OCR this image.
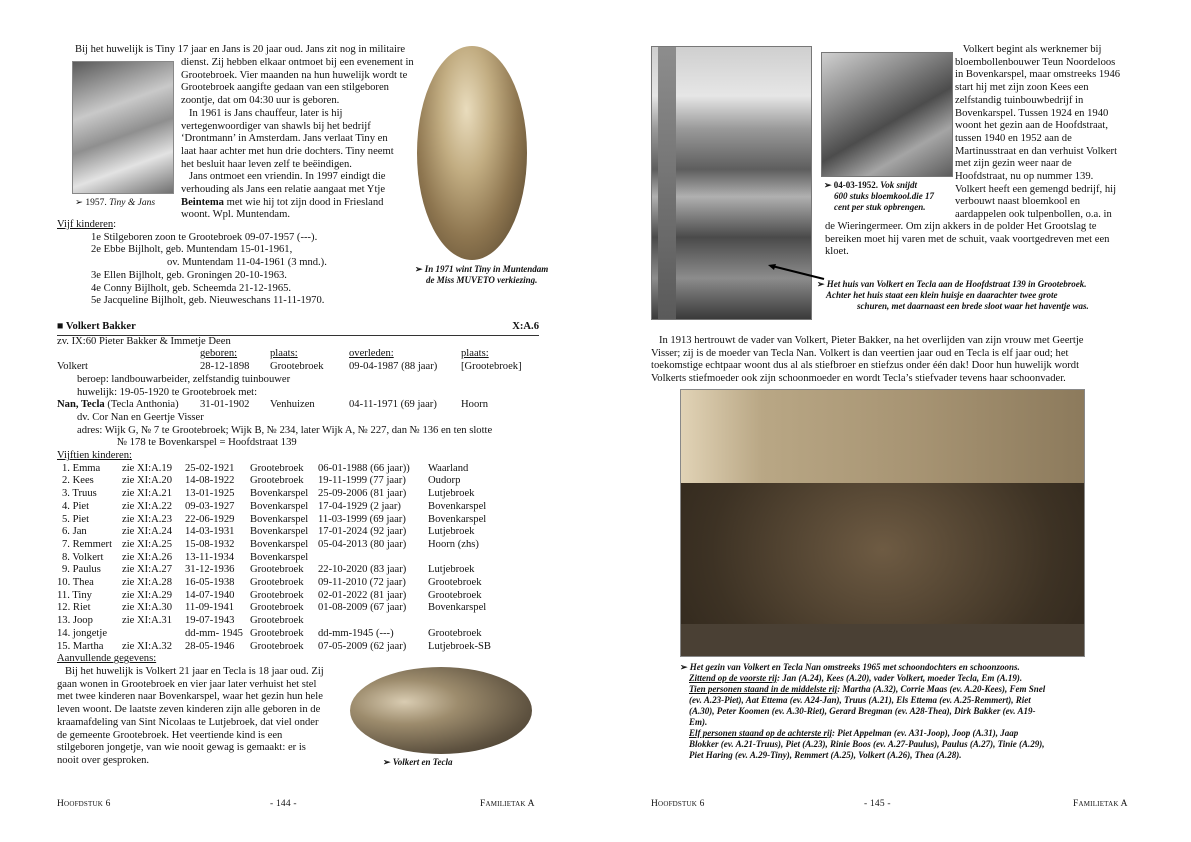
Bij het huwelijk is Tiny 17 jaar en Jans is 20 jaar oud. Jans zit nog in militaire
➢ 1957. Tiny & Jans
dienst. Zij hebben elkaar ontmoet bij een evenement in
Grootebroek. Vier maanden na hun huwelijk wordt te
Grootebroek aangifte gedaan van een stilgeboren
zoontje, dat om 04:30 uur is geboren.
In 1961 is Jans chauffeur, later is hij
vertegenwoordiger van shawls bij het bedrijf
‘Drontmann’ in Amsterdam. Jans verlaat Tiny en
laat haar achter met hun drie dochters. Tiny neemt
het besluit haar leven zelf te beëindigen.
Jans ontmoet een vriendin. In 1997 eindigt die
verhouding als Jans een relatie aangaat met Ytje
Beintema met wie hij tot zijn dood in Friesland
woont. Wpl. Muntendam.
➢ In 1971 wint Tiny in Muntendam
de Miss MUVETO verkiezing.
Vijf kinderen:
1e Stilgeboren zoon te Grootebroek 09-07-1957 (---).
2e Ebbe Bijlholt, geb. Muntendam 15-01-1961,
ov. Muntendam 11-04-1961 (3 mnd.).
3e Ellen Bijlholt, geb. Groningen 20-10-1963.
4e Conny Bijlholt, geb. Scheemda 21-12-1965.
5e Jacqueline Bijlholt, geb. Nieuweschans 11-11-1970.
■ Volkert Bakker	X:A.6
zv. IX:60 Pieter Bakker & Immetje Deen
geboren:	plaats:	overleden:	plaats:
Volkert	28-12-1898	Grootebroek	09-04-1987 (88 jaar)	[Grootebroek]
beroep: landbouwarbeider, zelfstandig tuinbouwer
huwelijk: 19-05-1920 te Grootebroek met:
Nan, Tecla (Tecla Anthonia)	31-01-1902	Venhuizen	04-11-1971 (69 jaar)	Hoorn
dv. Cor Nan en Geertje Visser
adres: Wijk G, № 7 te Grootebroek; Wijk B, № 234, later Wijk A, № 227, dan № 136 en ten slotte
№ 178 te Bovenkarspel = Hoofdstraat 139
Vijftien kinderen:
1. Emma	zie XI:A.19	25-02-1921	Grootebroek	06-01-1988 (66 jaar))	Waarland
2. Kees	zie XI:A.20	14-08-1922	Grootebroek	19-11-1999 (77 jaar)	Oudorp
3. Truus	zie XI:A.21	13-01-1925	Bovenkarspel	25-09-2006 (81 jaar)	Lutjebroek
4. Piet	zie XI:A.22	09-03-1927	Bovenkarspel	17-04-1929 (2 jaar)	Bovenkarspel
5. Piet	zie XI:A.23	22-06-1929	Bovenkarspel	11-03-1999 (69 jaar)	Bovenkarspel
6. Jan	zie XI:A.24	14-03-1931	Bovenkarspel	17-01-2024 (92 jaar)	Lutjebroek
7. Remmert	zie XI:A.25	15-08-1932	Bovenkarspel	05-04-2013 (80 jaar)	Hoorn (zhs)
8. Volkert	zie XI:A.26	13-11-1934	Bovenkarspel		
9. Paulus	zie XI:A.27	31-12-1936	Grootebroek	22-10-2020 (83 jaar)	Lutjebroek
10. Thea	zie XI:A.28	16-05-1938	Grootebroek	09-11-2010 (72 jaar)	Grootebroek
11. Tiny	zie XI:A.29	14-07-1940	Grootebroek	02-01-2022 (81 jaar)	Grootebroek
12. Riet	zie XI:A.30	11-09-1941	Grootebroek	01-08-2009 (67 jaar)	Bovenkarspel
13. Joop	zie XI:A.31	19-07-1943	Grootebroek		
14. jongetje		dd-mm- 1945	Grootebroek	dd-mm-1945 (---)	Grootebroek
15. Martha	zie XI:A.32	28-05-1946	Grootebroek	07-05-2009 (62 jaar)	Lutjebroek-SB
Aanvullende gegevens:
Bij het huwelijk is Volkert 21 jaar en Tecla is 18 jaar oud. Zij
gaan wonen in Grootebroek en vier jaar later verhuist het stel
met twee kinderen naar Bovenkarspel, waar het gezin hun hele
leven woont. De laatste zeven kinderen zijn alle geboren in de
kraamafdeling van Sint Nicolaas te Lutjebroek, dat viel onder
de gemeente Grootebroek. Het veertiende kind is een
stilgeboren jongetje, van wie nooit gewag is gemaakt: er is
nooit over gesproken.	➢ Volkert en Tecla
Hoofdstuk 6	- 144 -	Familietak A
➢ 04-03-1952. Vok snijdt
600 stuks bloemkool.die 17
cent per stuk opbrengen.
Volkert begint als werknemer bij
bloembollenbouwer Teun Noordeloos
in Bovenkarspel, maar omstreeks 1946
start hij met zijn zoon Kees een
zelfstandig tuinbouwbedrijf in
Bovenkarspel. Tussen 1924 en 1940
woont het gezin aan de Hoofdstraat,
tussen 1940 en 1952 aan de
Martinusstraat en dan verhuist Volkert
met zijn gezin weer naar de
Hoofdstraat, nu op nummer 139.
Volkert heeft een gemengd bedrijf, hij
verbouwt naast bloemkool en
aardappelen ook tulpenbollen, o.a. in
de Wieringermeer. Om zijn akkers in de polder Het Grootslag te
bereiken moet hij varen met de schuit, vaak voortgedreven met een
kloet.
➢ Het huis van Volkert en Tecla aan de Hoofdstraat 139 in Grootebroek.
Achter het huis staat een klein huisje en daarachter twee grote
schuren, met daarnaast een brede sloot waar het haventje was.
In 1913 hertrouwt de vader van Volkert, Pieter Bakker, na het overlijden van zijn vrouw met Geertje
Visser; zij is de moeder van Tecla Nan. Volkert is dan veertien jaar oud en Tecla is elf jaar oud; het
toekomstige echtpaar woont dus al als stiefbroer en stiefzus onder één dak! Door hun huwelijk wordt
Volkerts stiefmoeder ook zijn schoonmoeder en wordt Tecla’s stiefvader tevens haar schoonvader.
➢ Het gezin van Volkert en Tecla Nan omstreeks 1965 met schoondochters en schoonzoons.
Zittend op de voorste rij: Jan (A.24), Kees (A.20), vader Volkert, moeder Tecla, Em (A.19).
Tien personen staand in de middelste rij: Martha (A.32), Corrie Maas (ev. A.20-Kees), Fem Snel
(ev. A.23-Piet), Aat Ettema (ev. A24-Jan), Truus (A.21), Els Ettema (ev. A.25-Remmert), Riet
(A.30), Peter Koomen (ev. A.30-Riet), Gerard Bregman (ev. A28-Thea), Dirk Bakker (ev. A19-
Em).
Elf personen staand op de achterste rij: Piet Appelman (ev. A31-Joop), Joop (A.31), Jaap
Blokker (ev. A.21-Truus), Piet (A.23), Rinie Boos (ev. A.27-Paulus), Paulus (A.27), Tinie (A.29),
Piet Haring (ev. A.29-Tiny), Remmert (A.25), Volkert (A.26), Thea (A.28).
Hoofdstuk 6	- 145 -	Familietak A
